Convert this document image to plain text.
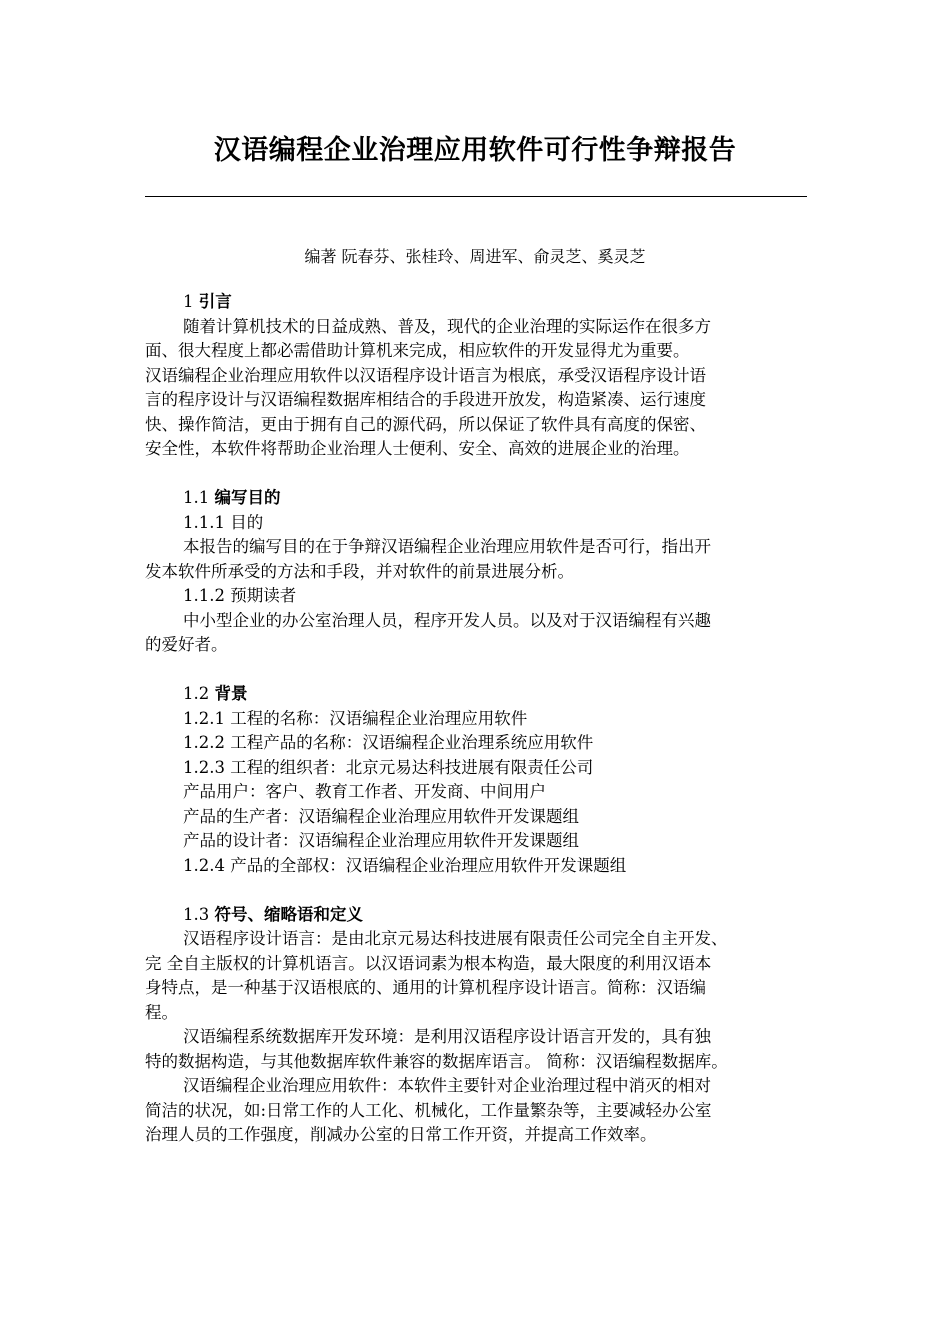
汉语编程企业治理应用软件可行性争辩报告
编著 阮春芬、张桂玲、周进军、俞灵芝、奚灵芝
1 引言
随着计算机技术的日益成熟、普及，现代的企业治理的实际运作在很多方
面、很大程度上都必需借助计算机来完成，相应软件的开发显得尤为重要。
汉语编程企业治理应用软件以汉语程序设计语言为根底，承受汉语程序设计语
言的程序设计与汉语编程数据库相结合的手段进开放发，构造紧凑、运行速度
快、操作简洁，更由于拥有自己的源代码，所以保证了软件具有高度的保密、
安全性，本软件将帮助企业治理人士便利、安全、高效的进展企业的治理。
1.1 编写目的
1.1.1 目的
本报告的编写目的在于争辩汉语编程企业治理应用软件是否可行，指出开
发本软件所承受的方法和手段，并对软件的前景进展分析。
1.1.2 预期读者
中小型企业的办公室治理人员，程序开发人员。以及对于汉语编程有兴趣
的爱好者。
1.2 背景
1.2.1 工程的名称：汉语编程企业治理应用软件
1.2.2 工程产品的名称：汉语编程企业治理系统应用软件
1.2.3 工程的组织者：北京元易达科技进展有限责任公司
产品用户：客户、教育工作者、开发商、中间用户
产品的生产者：汉语编程企业治理应用软件开发课题组
产品的设计者：汉语编程企业治理应用软件开发课题组
1.2.4 产品的全部权：汉语编程企业治理应用软件开发课题组
1.3 符号、缩略语和定义
汉语程序设计语言：是由北京元易达科技进展有限责任公司完全自主开发、
完 全自主版权的计算机语言。以汉语词素为根本构造，最大限度的利用汉语本
身特点，是一种基于汉语根底的、通用的计算机程序设计语言。简称：汉语编
程。
汉语编程系统数据库开发环境：是利用汉语程序设计语言开发的，具有独
特的数据构造，与其他数据库软件兼容的数据库语言。 简称：汉语编程数据库。
汉语编程企业治理应用软件：本软件主要针对企业治理过程中消灭的相对
简洁的状况，如:日常工作的人工化、机械化，工作量繁杂等，主要减轻办公室
治理人员的工作强度，削减办公室的日常工作开资，并提高工作效率。
